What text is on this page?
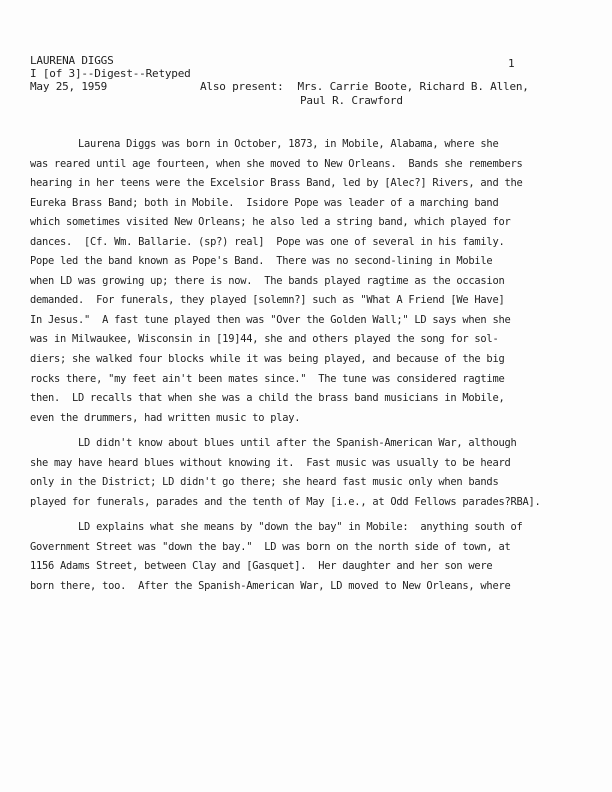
LAURENA DIGGS
I [of 3]--Digest--Retyped
May 25, 1959
1
Also present: Mrs. Carrie Boote, Richard B. Allen,
Paul R. Crawford
Laurena Diggs was born in October, 1873, in Mobile, Alabama, where she
was reared until age fourteen, when she moved to New Orleans.  Bands she remembers
hearing in her teens were the Excelsior Brass Band, led by [Alec?] Rivers, and the
Eureka Brass Band; both in Mobile.  Isidore Pope was leader of a marching band
which sometimes visited New Orleans; he also led a string band, which played for
dances.  [Cf. Wm. Ballarie. (sp?) real]  Pope was one of several in his family.
Pope led the band known as Pope's Band.  There was no second-lining in Mobile
when LD was growing up; there is now.  The bands played ragtime as the occasion
demanded.  For funerals, they played [solemn?] such as "What A Friend [We Have]
In Jesus."  A fast tune played then was "Over the Golden Wall;" LD says when she
was in Milwaukee, Wisconsin in [19]44, she and others played the song for sol-
diers; she walked four blocks while it was being played, and because of the big
rocks there, "my feet ain't been mates since."  The tune was considered ragtime
then.  LD recalls that when she was a child the brass band musicians in Mobile,
even the drummers, had written music to play.
LD didn't know about blues until after the Spanish-American War, although
she may have heard blues without knowing it.  Fast music was usually to be heard
only in the District; LD didn't go there; she heard fast music only when bands
played for funerals, parades and the tenth of May [i.e., at Odd Fellows parades?RBA].
LD explains what she means by "down the bay" in Mobile:  anything south of
Government Street was "down the bay."  LD was born on the north side of town, at
1156 Adams Street, between Clay and [Gasquet].  Her daughter and her son were
born there, too.  After the Spanish-American War, LD moved to New Orleans, where
